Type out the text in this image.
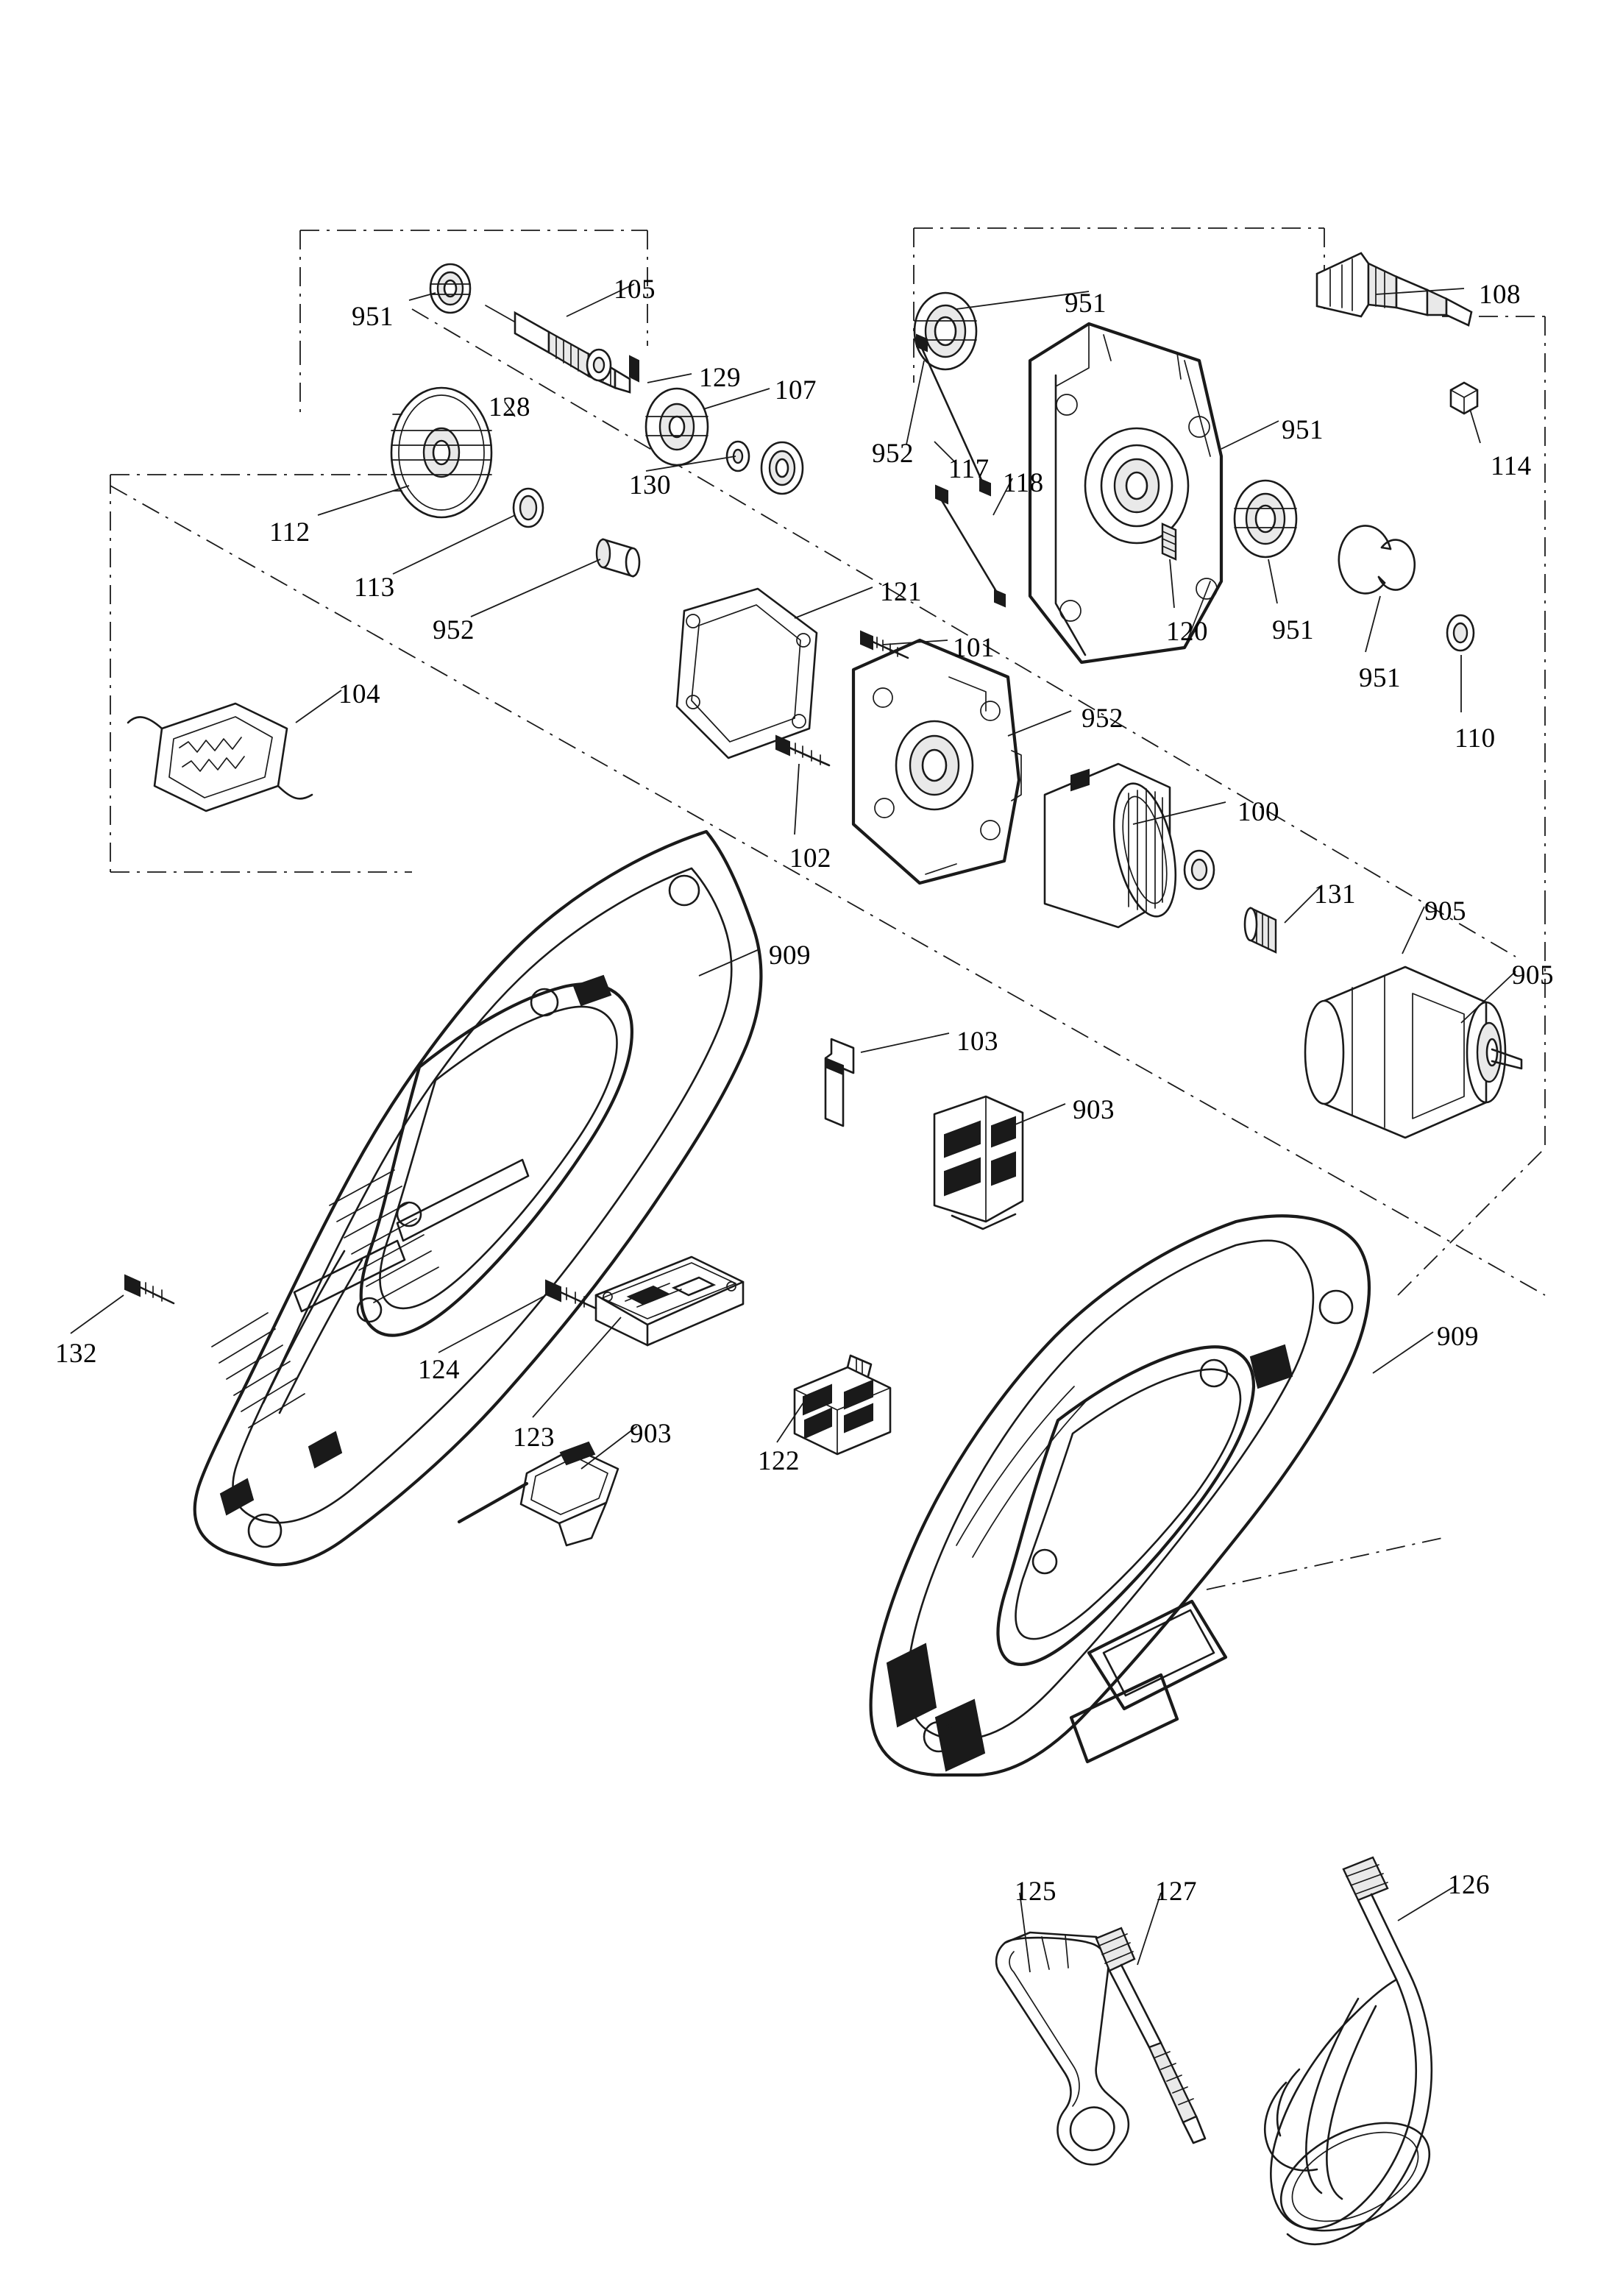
951
105
129 107
128
130
112
113
952
951	108
951
114
952
117 118
120 951
951
110
121
101
952
102
104
100
131
905
905
909
103
903
132
124
123	903
122
909
125	127	126
